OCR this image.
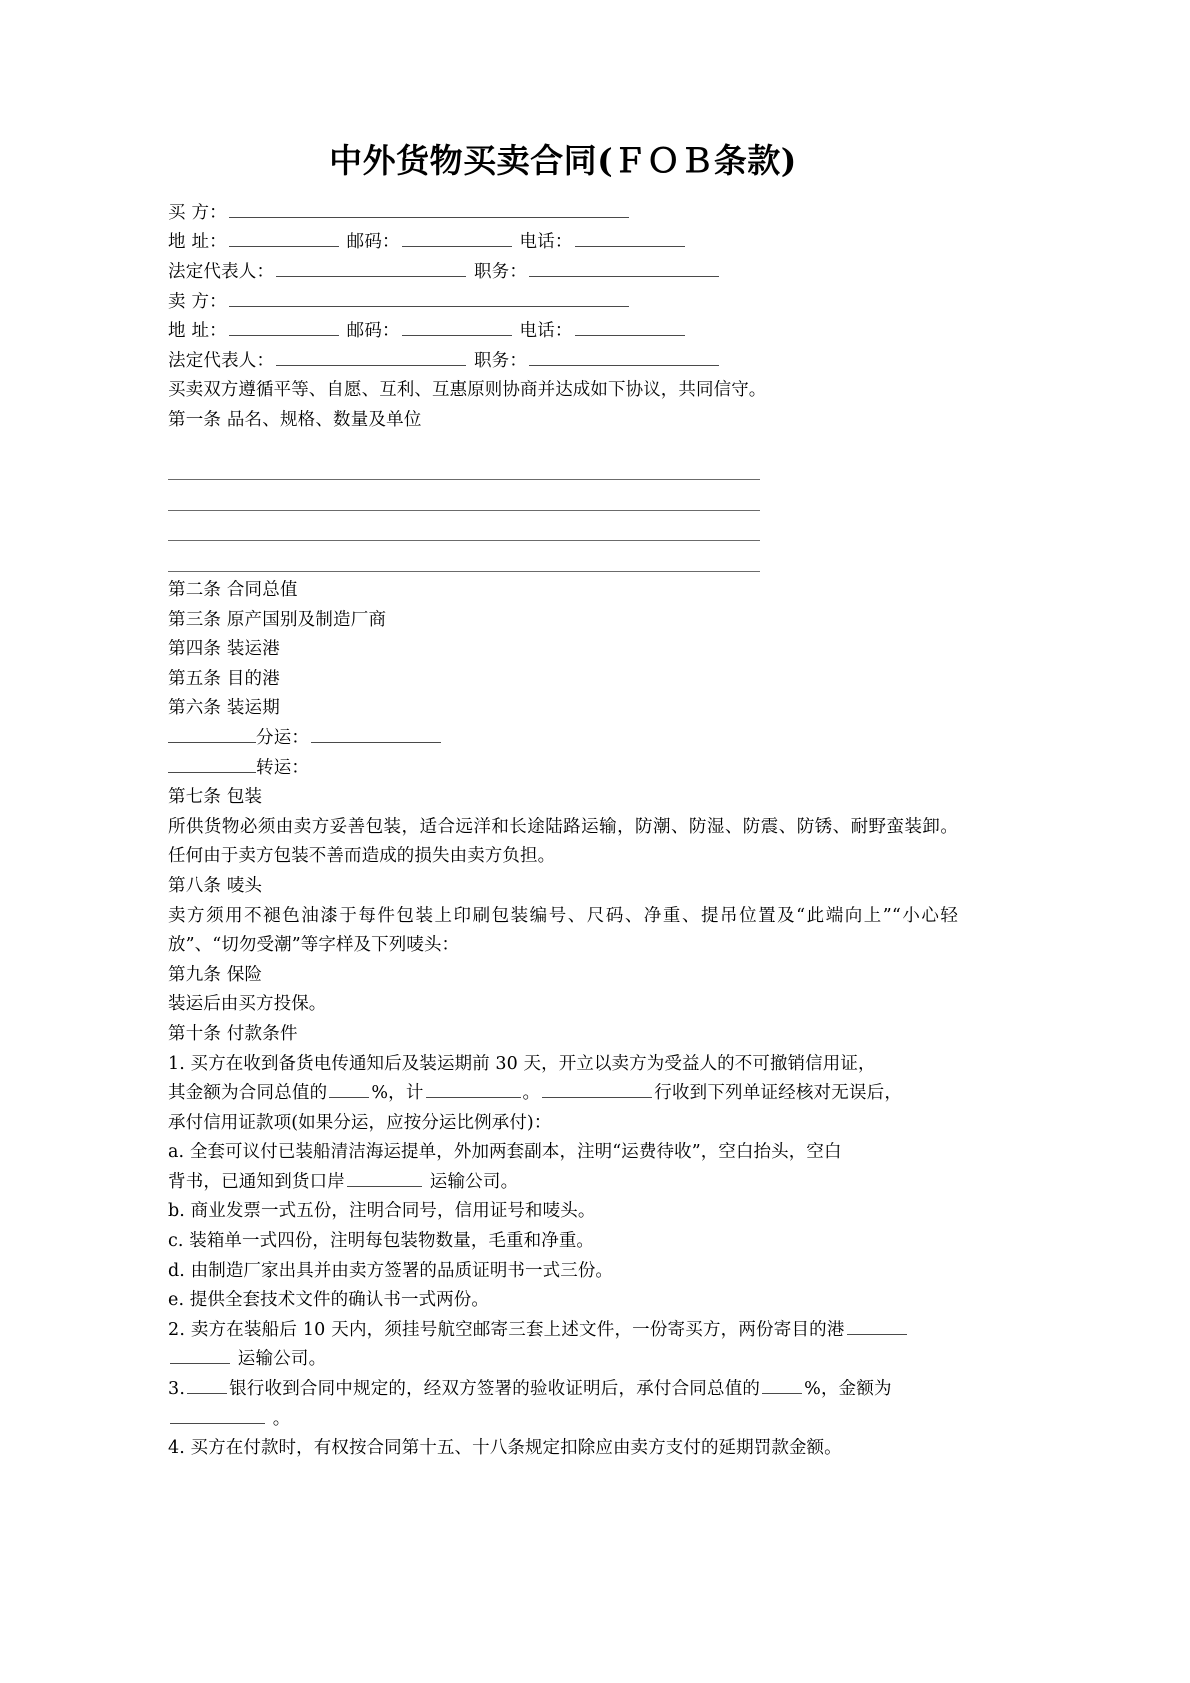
中外货物买卖合同(ＦＯＢ条款)
买 方：
地 址：	邮码：	电话：
法定代表人：	职务：
卖 方：
地 址：	邮码：	电话：
法定代表人：	职务：
买卖双方遵循平等、自愿、互利、互惠原则协商并达成如下协议，共同信守。
第一条 品名、规格、数量及单位
第二条 合同总值
第三条 原产国别及制造厂商
第四条 装运港
第五条 目的港
第六条 装运期
分运：
转运：
第七条 包装
所供货物必须由卖方妥善包装，适合远洋和长途陆路运输，防潮、防湿、防震、防锈、耐野蛮装卸。任何由于卖方包装不善而造成的损失由卖方负担。
第八条 唛头
卖方须用不褪色油漆于每件包装上印刷包装编号、尺码、净重、提吊位置及“此端向上”“小心轻放”、“切勿受潮”等字样及下列唛头：
第九条 保险
装运后由买方投保。
第十条 付款条件
1. 买方在收到备货电传通知后及装运期前 30 天，开立以卖方为受益人的不可撤销信用证，
其金额为合同总值的	%，计	。	行收到下列单证经核对无误后，
承付信用证款项(如果分运，应按分运比例承付)：
a. 全套可议付已装船清洁海运提单，外加两套副本，注明“运费待收”，空白抬头，空白
背书，已通知到货口岸	运输公司。
b. 商业发票一式五份，注明合同号，信用证号和唛头。
c. 装箱单一式四份，注明每包装物数量，毛重和净重。
d. 由制造厂家出具并由卖方签署的品质证明书一式三份。
e. 提供全套技术文件的确认书一式两份。
2. 卖方在装船后 10 天内，须挂号航空邮寄三套上述文件，一份寄买方，两份寄目的港
运输公司。
3.	银行收到合同中规定的，经双方签署的验收证明后，承付合同总值的	%，金额为
。
4. 买方在付款时，有权按合同第十五、十八条规定扣除应由卖方支付的延期罚款金额。
